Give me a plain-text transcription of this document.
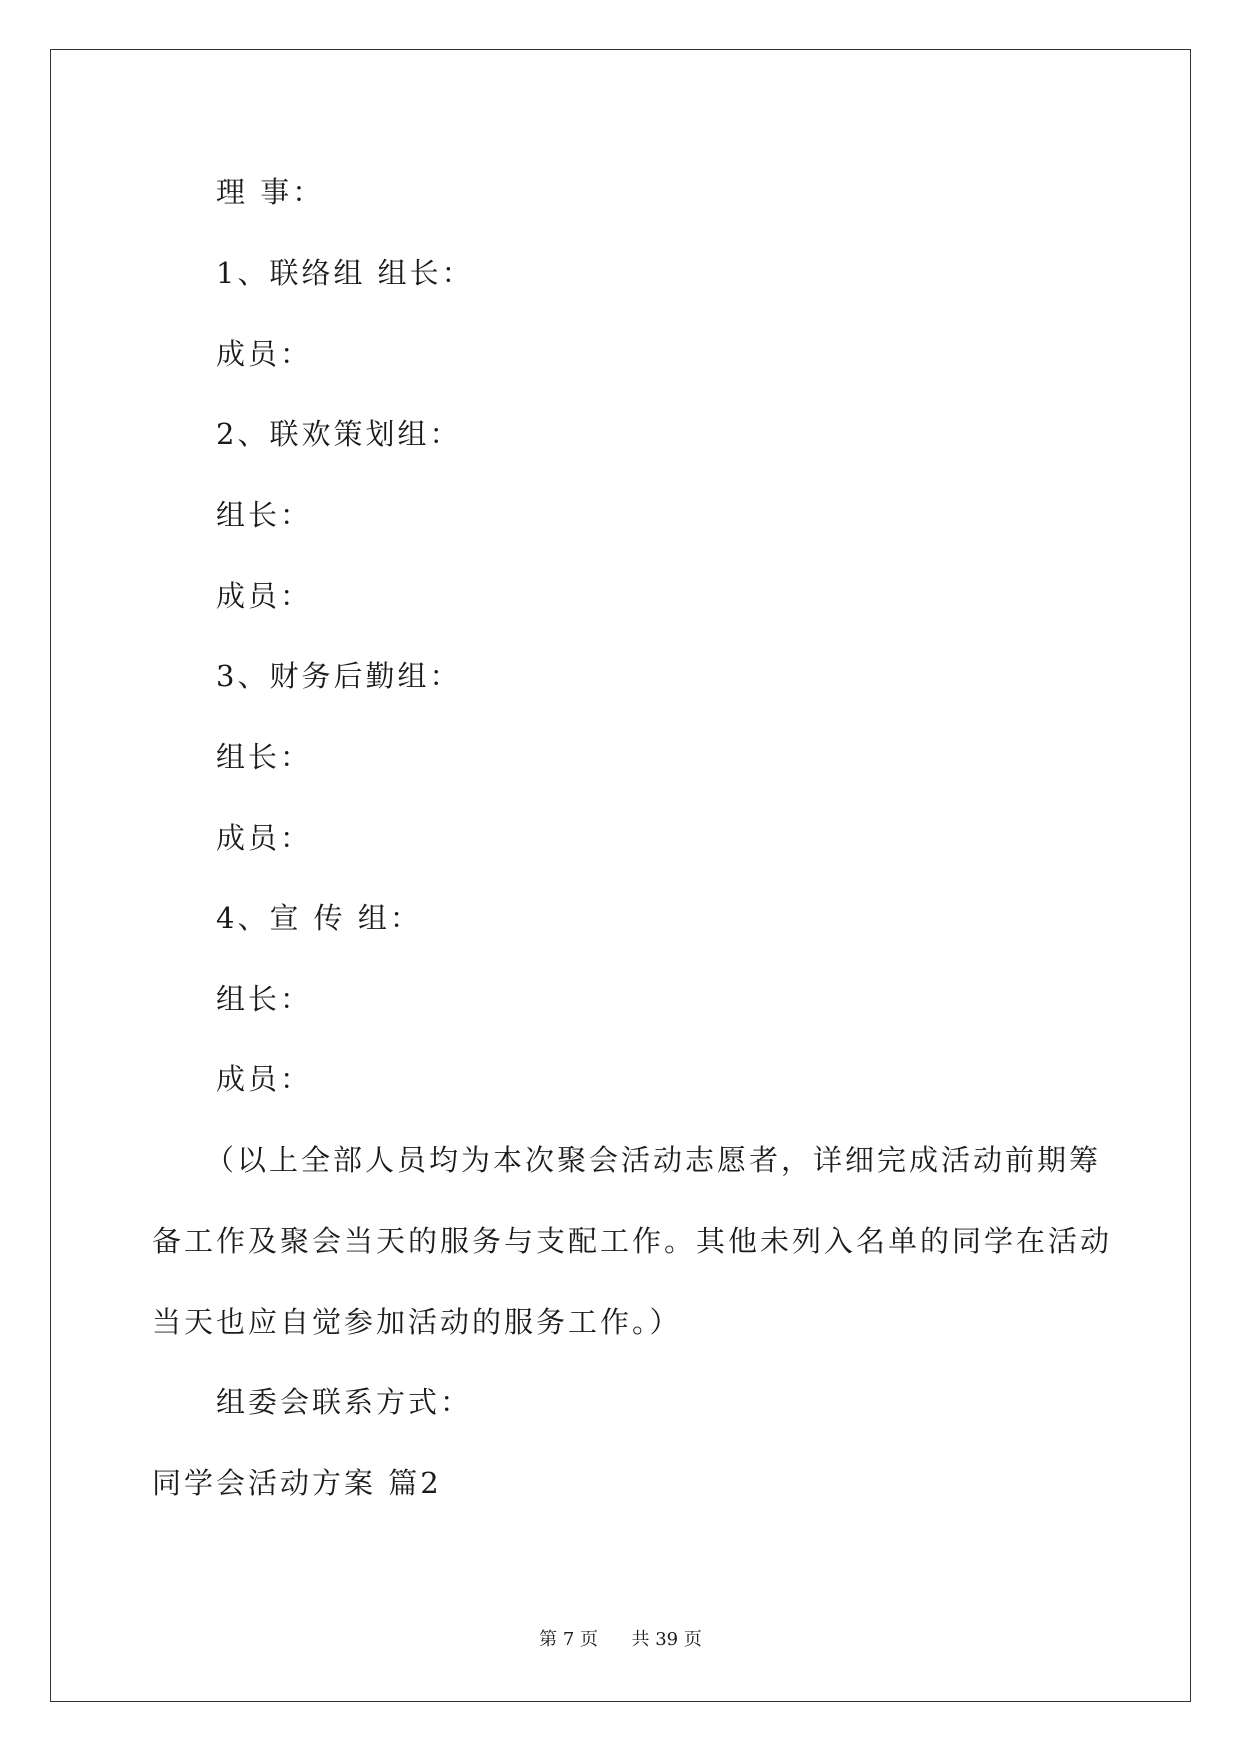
理 事：
1、联络组 组长：
成员：
2、联欢策划组：
组长：
成员：
3、财务后勤组：
组长：
成员：
4、宣 传 组：
组长：
成员：
（以上全部人员均为本次聚会活动志愿者，详细完成活动前期筹
备工作及聚会当天的服务与支配工作。其他未列入名单的同学在活动
当天也应自觉参加活动的服务工作。）
组委会联系方式：
同学会活动方案 篇2
第 7 页 共 39 页
